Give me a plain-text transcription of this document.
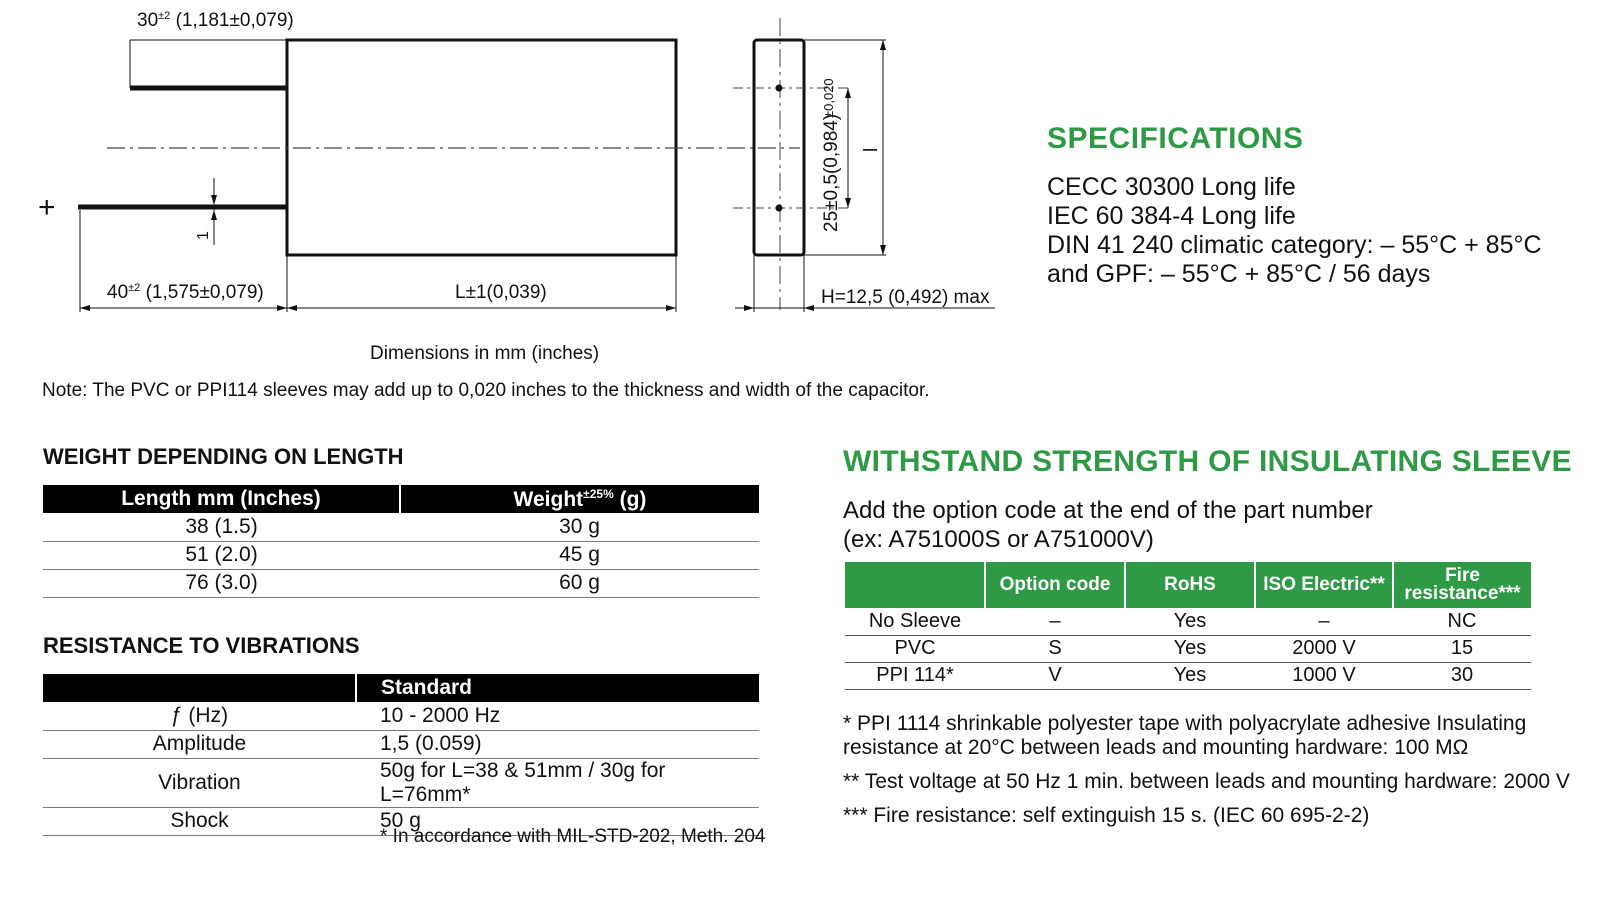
+
$30^{\pm 2}$ (1,181±0,079)
$40^{\pm 2}$ (1,575±0,079)	L±1(0,039)
1
25±0,5(0,984)
±0,020
l
H=12,5 (0,492) max
Dimensions in mm (inches)
Note: The PVC or PPI114 sleeves may add up to 0,020 inches to the thickness and width of the capacitor.
SPECIFICATIONS
CECC 30300 Long life
IEC 60 384-4 Long life
DIN 41 240 climatic category: – 55°C + 85°C
and GPF: – 55°C + 85°C / 56 days
WEIGHT DEPENDING ON LENGTH
Length mm (Inches)	Weight$^{\pm 25\%}$ (g)
38 (1.5)	30 g
51 (2.0)	45 g
76 (3.0)	60 g
RESISTANCE TO VIBRATIONS
	Standard
ƒ (Hz)	10 - 2000 Hz
Amplitude	1,5 (0.059)
Vibration	50g for L=38 & 51mm / 30g for L=76mm*
Shock	50 g
* In accordance with MIL-STD-202, Meth. 204
WITHSTAND STRENGTH OF INSULATING SLEEVE
Add the option code at the end of the part number
(ex: A751000S or A751000V)
	Option code	RoHS	ISO Electric**	Fire resistance***
No Sleeve	–	Yes	–	NC
PVC	S	Yes	2000 V	15
PPI 114*	V	Yes	1000 V	30

* PPI 1114 shrinkable polyester tape with polyacrylate adhesive Insulating resistance at 20°C between leads and mounting hardware: 100 MΩ

** Test voltage at 50 Hz 1 min. between leads and mounting hardware: 2000 V

*** Fire resistance: self extinguish 15 s. (IEC 60 695-2-2)
